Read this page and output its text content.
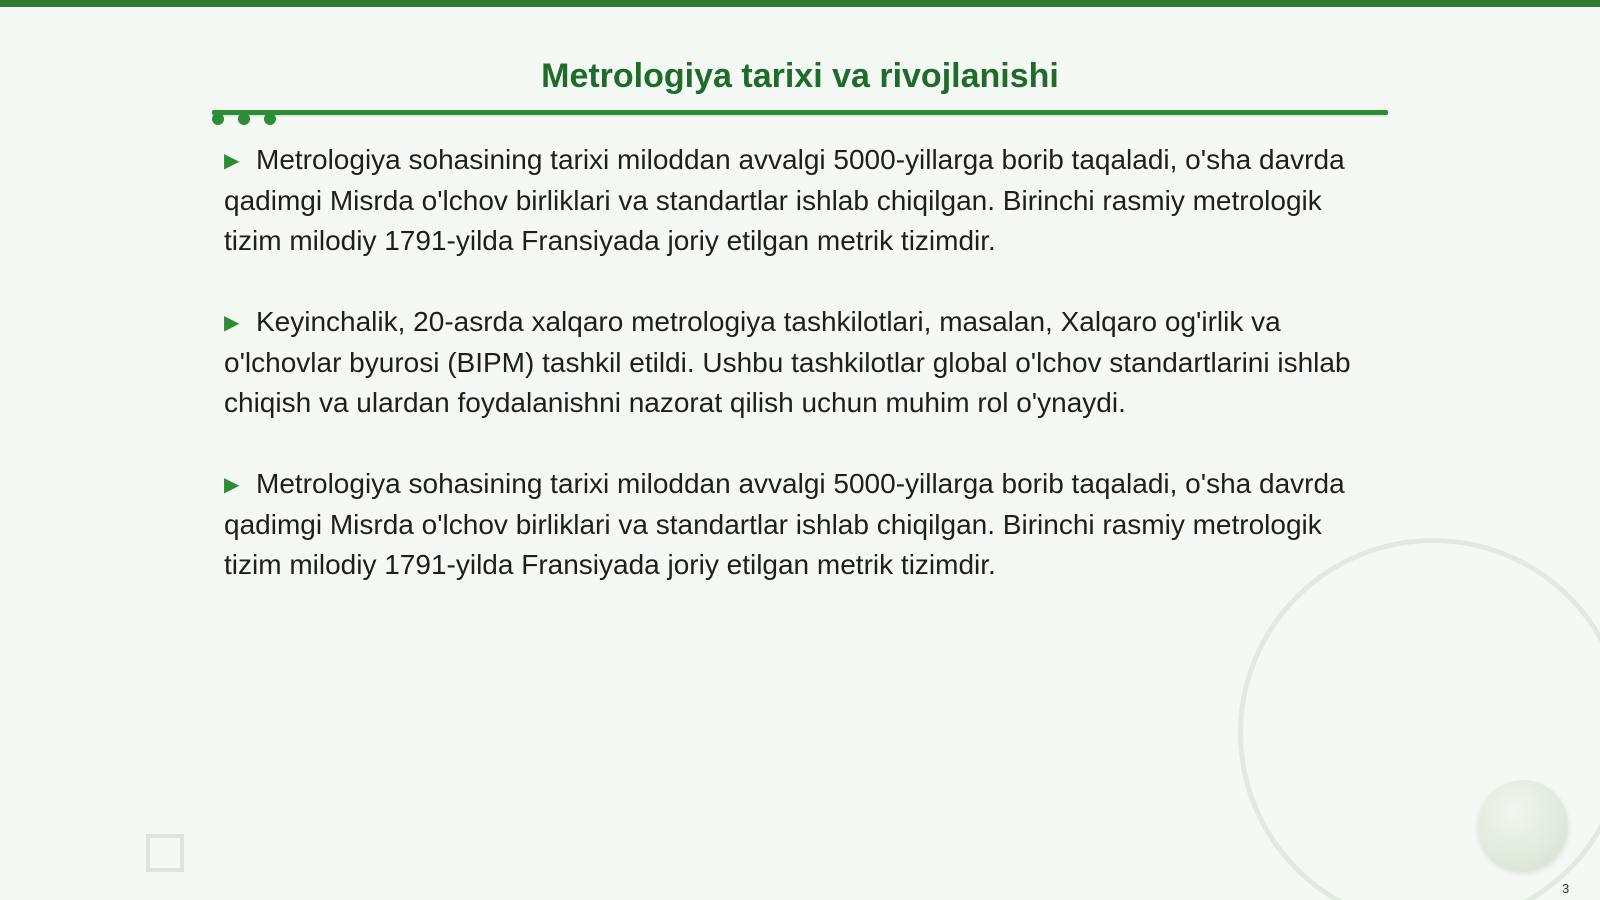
Metrologiya tarixi va rivojlanishi

▶ Metrologiya sohasining tarixi miloddan avvalgi 5000-yillarga borib taqaladi, o'sha davrda qadimgi Misrda o'lchov birliklari va standartlar ishlab chiqilgan. Birinchi rasmiy metrologik tizim milodiy 1791-yilda Fransiyada joriy etilgan metrik tizimdir.

▶ Keyinchalik, 20-asrda xalqaro metrologiya tashkilotlari, masalan, Xalqaro og'irlik va o'lchovlar byurosi (BIPM) tashkil etildi. Ushbu tashkilotlar global o'lchov standartlarini ishlab chiqish va ulardan foydalanishni nazorat qilish uchun muhim rol o'ynaydi.

▶ Metrologiya sohasining tarixi miloddan avvalgi 5000-yillarga borib taqaladi, o'sha davrda qadimgi Misrda o'lchov birliklari va standartlar ishlab chiqilgan. Birinchi rasmiy metrologik tizim milodiy 1791-yilda Fransiyada joriy etilgan metrik tizimdir.

3
